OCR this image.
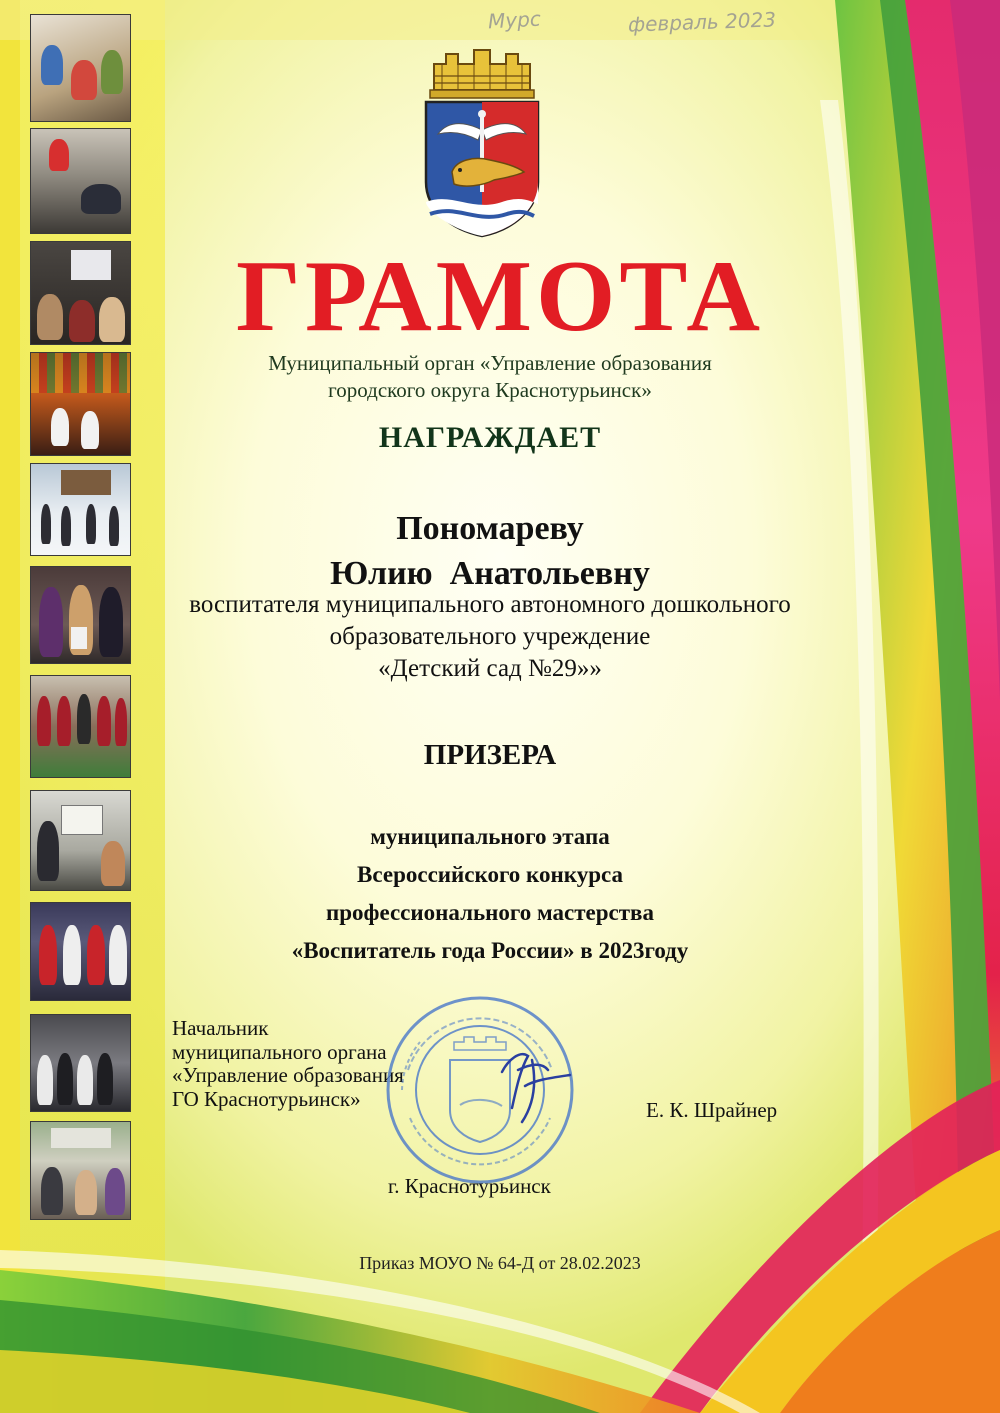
Мурс	февраль 2023
ГРАМОТА
Муниципальный орган «Управление образования
городского округа Краснотурьинск»
НАГРАЖДАЕТ
Пономареву
Юлию  Анатольевну
воспитателя муниципального автономного дошкольного
образовательного учреждение
«Детский сад №29»»
ПРИЗЕРА
муниципального этапа
Всероссийского конкурса
профессионального мастерства
«Воспитатель года России» в 2023году
Начальник
муниципального органа
«Управление образования
ГО Краснотурьинск»	Е. К. Шрайнер
г. Краснотурьинск
Приказ МОУО № 64-Д от 28.02.2023
